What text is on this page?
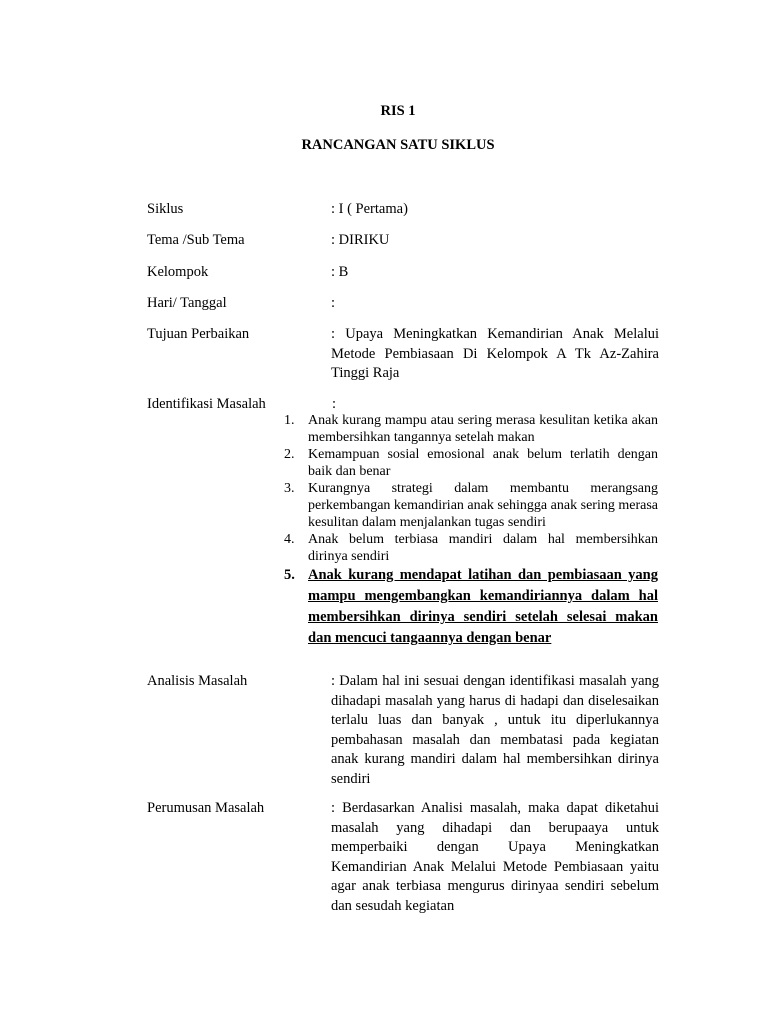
RIS 1
RANCANGAN SATU SIKLUS
Siklus	: I ( Pertama)
Tema /Sub Tema	: DIRIKU
Kelompok	: B
Hari/ Tanggal	:
Tujuan Perbaikan	: Upaya Meningkatkan Kemandirian Anak Melalui Metode Pembiasaan Di Kelompok A Tk Az-Zahira Tinggi Raja
Identifikasi Masalah	:
1. Anak kurang mampu atau sering merasa kesulitan ketika akan membersihkan tangannya setelah makan
2. Kemampuan sosial emosional anak belum terlatih dengan baik dan benar
3. Kurangnya strategi dalam membantu merangsang perkembangan kemandirian anak sehingga anak sering merasa kesulitan dalam menjalankan tugas sendiri
4. Anak belum terbiasa mandiri dalam hal membersihkan dirinya sendiri
5. Anak kurang mendapat latihan dan pembiasaan yang mampu mengembangkan kemandiriannya dalam hal membersihkan dirinya sendiri setelah selesai makan dan mencuci tangaannya dengan benar
Analisis Masalah	: Dalam hal ini sesuai dengan identifikasi masalah yang dihadapi masalah yang harus di hadapi dan diselesaikan terlalu luas dan banyak , untuk itu diperlukannya pembahasan masalah dan membatasi pada kegiatan anak kurang mandiri dalam hal membersihkan dirinya sendiri
Perumusan Masalah	: Berdasarkan Analisi masalah, maka dapat diketahui masalah yang dihadapi dan berupaaya untuk memperbaiki dengan Upaya Meningkatkan Kemandirian Anak Melalui Metode Pembiasaan yaitu agar anak terbiasa mengurus dirinyaa sendiri sebelum dan sesudah kegiatan
